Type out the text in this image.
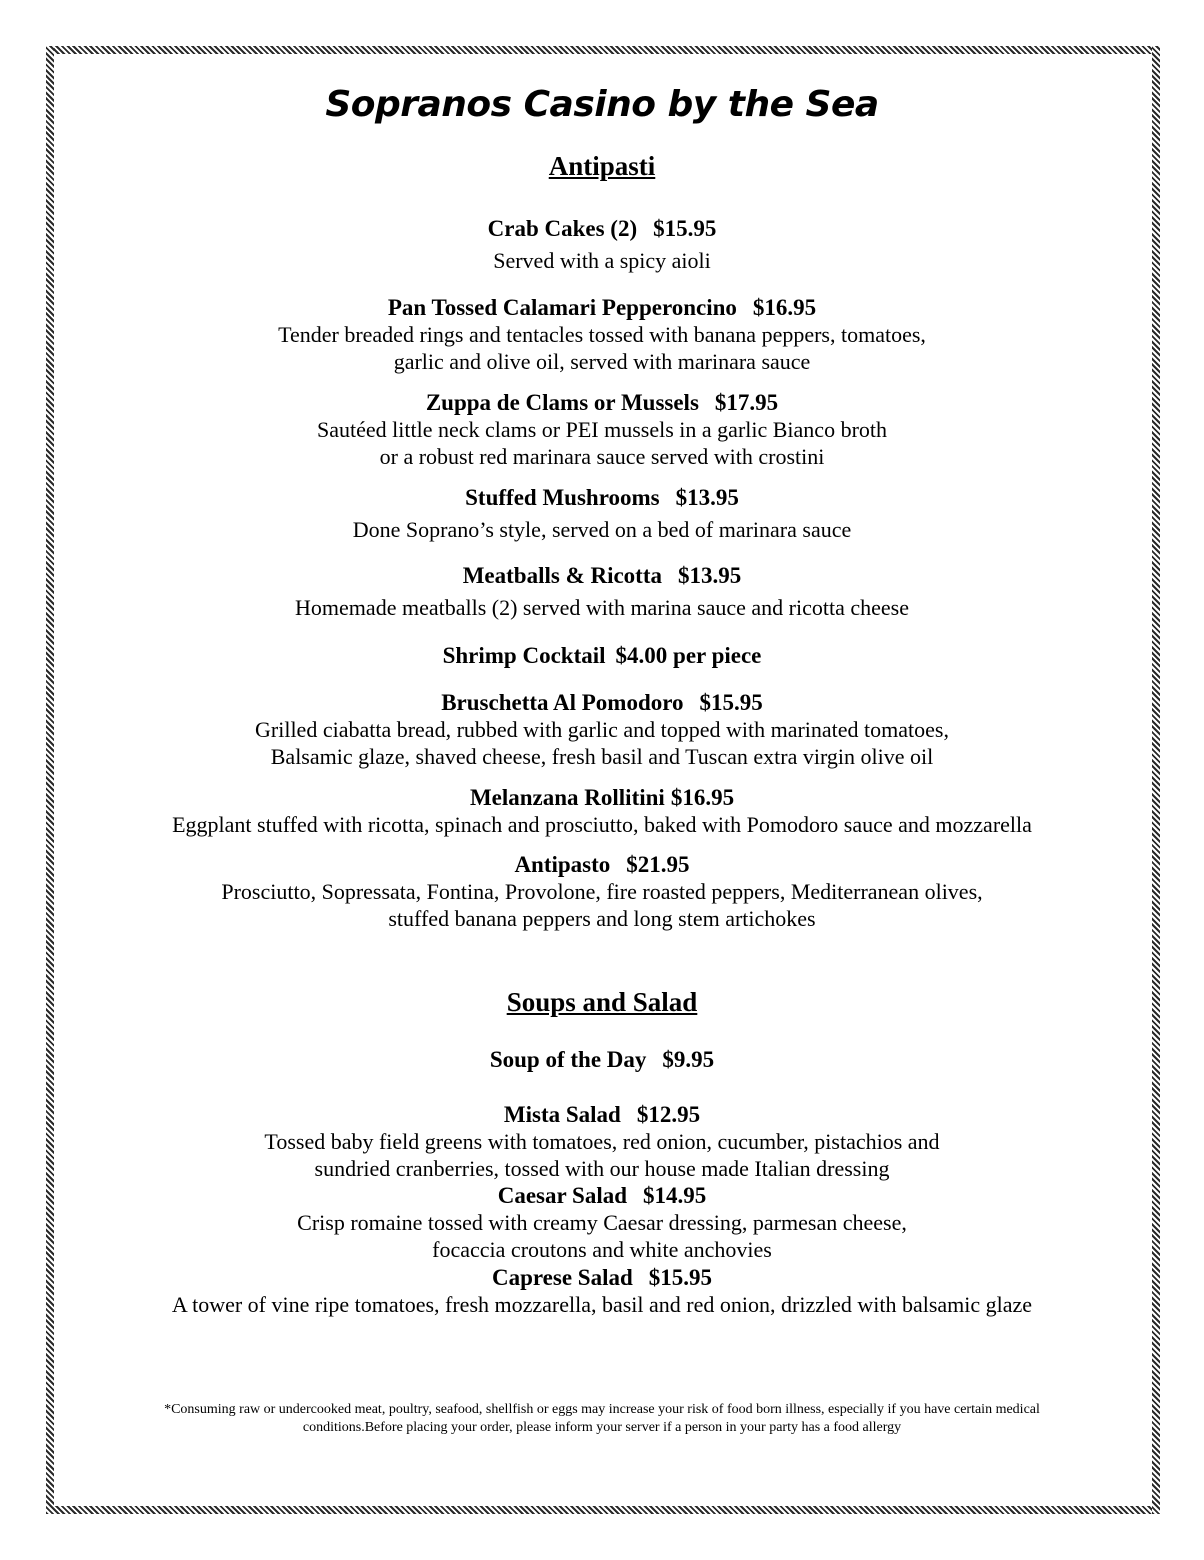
Sopranos Casino by the Sea
Antipasti
Crab Cakes (2) $15.95
Served with a spicy aioli
Pan Tossed Calamari Pepperoncino $16.95
Tender breaded rings and tentacles tossed with banana peppers, tomatoes,
garlic and olive oil, served with marinara sauce
Zuppa de Clams or Mussels $17.95
Sautéed little neck clams or PEI mussels in a garlic Bianco broth
or a robust red marinara sauce served with crostini
Stuffed Mushrooms $13.95
Done Soprano’s style, served on a bed of marinara sauce
Meatballs & Ricotta $13.95
Homemade meatballs (2) served with marina sauce and ricotta cheese
Shrimp Cocktail $4.00 per piece
Bruschetta Al Pomodoro $15.95
Grilled ciabatta bread, rubbed with garlic and topped with marinated tomatoes,
Balsamic glaze, shaved cheese, fresh basil and Tuscan extra virgin olive oil
Melanzana Rollitini $16.95
Eggplant stuffed with ricotta, spinach and prosciutto, baked with Pomodoro sauce and mozzarella
Antipasto $21.95
Prosciutto, Sopressata, Fontina, Provolone, fire roasted peppers, Mediterranean olives,
stuffed banana peppers and long stem artichokes
Soups and Salad
Soup of the Day $9.95
Mista Salad $12.95
Tossed baby field greens with tomatoes, red onion, cucumber, pistachios and
sundried cranberries, tossed with our house made Italian dressing
Caesar Salad $14.95
Crisp romaine tossed with creamy Caesar dressing, parmesan cheese,
focaccia croutons and white anchovies
Caprese Salad $15.95
A tower of vine ripe tomatoes, fresh mozzarella, basil and red onion, drizzled with balsamic glaze
*Consuming raw or undercooked meat, poultry, seafood, shellfish or eggs may increase your risk of food born illness, especially if you have certain medical
conditions.Before placing your order, please inform your server if a person in your party has a food allergy
